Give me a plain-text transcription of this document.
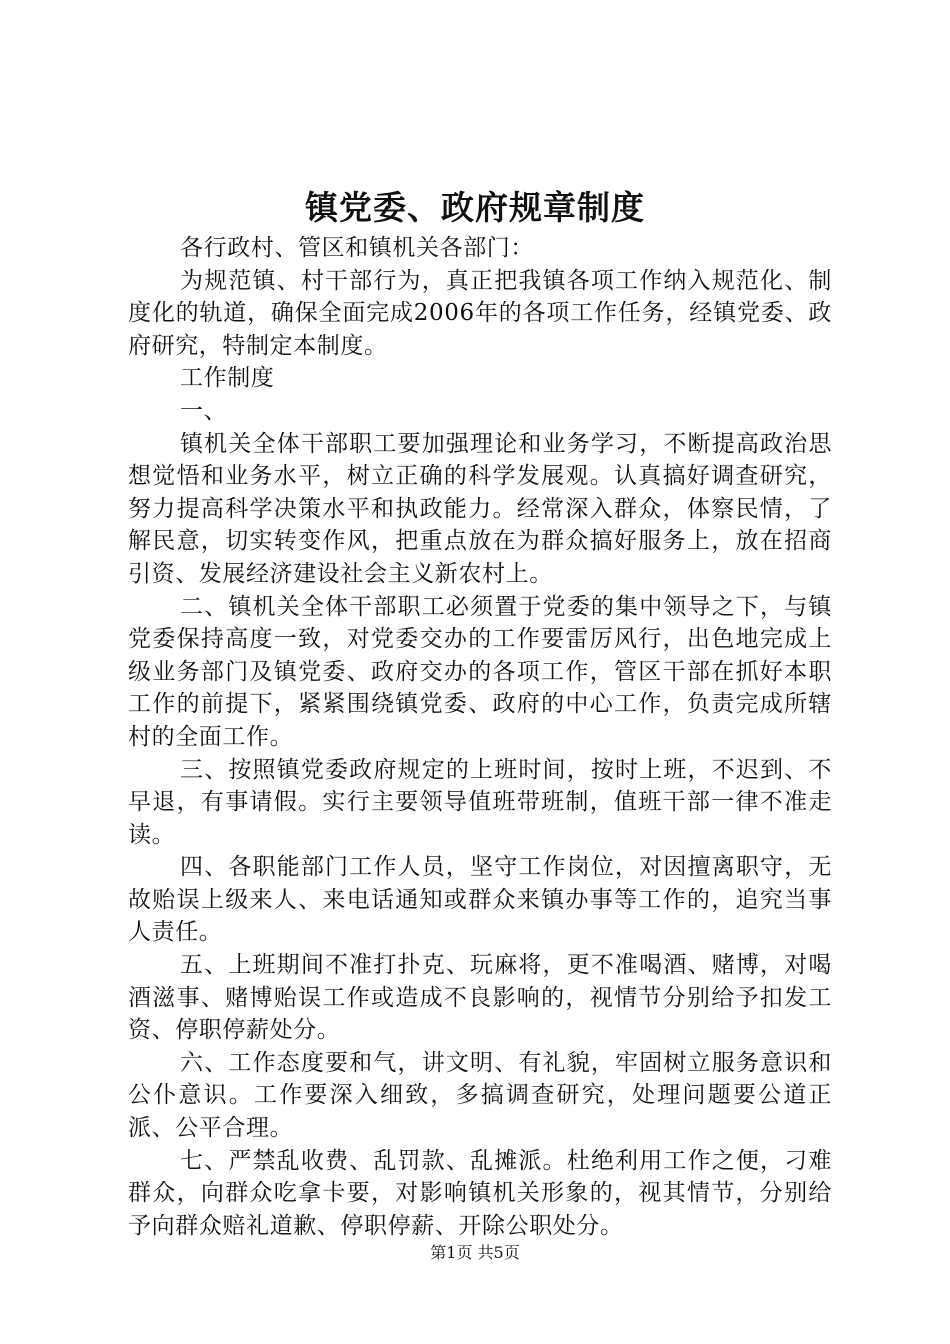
镇党委、政府规章制度

各行政村、管区和镇机关各部门：

为规范镇、村干部行为，真正把我镇各项工作纳入规范化、制度化的轨道，确保全面完成2006年的各项工作任务，经镇党委、政府研究，特制定本制度。

工作制度

一、

镇机关全体干部职工要加强理论和业务学习，不断提高政治思想觉悟和业务水平，树立正确的科学发展观。认真搞好调查研究，努力提高科学决策水平和执政能力。经常深入群众，体察民情，了解民意，切实转变作风，把重点放在为群众搞好服务上，放在招商引资、发展经济建设社会主义新农村上。

二、镇机关全体干部职工必须置于党委的集中领导之下，与镇党委保持高度一致，对党委交办的工作要雷厉风行，出色地完成上级业务部门及镇党委、政府交办的各项工作，管区干部在抓好本职工作的前提下，紧紧围绕镇党委、政府的中心工作，负责完成所辖村的全面工作。

三、按照镇党委政府规定的上班时间，按时上班，不迟到、不早退，有事请假。实行主要领导值班带班制，值班干部一律不准走读。

四、各职能部门工作人员，坚守工作岗位，对因擅离职守，无故贻误上级来人、来电话通知或群众来镇办事等工作的，追究当事人责任。

五、上班期间不准打扑克、玩麻将，更不准喝酒、赌博，对喝酒滋事、赌博贻误工作或造成不良影响的，视情节分别给予扣发工资、停职停薪处分。

六、工作态度要和气，讲文明、有礼貌，牢固树立服务意识和公仆意识。工作要深入细致，多搞调查研究，处理问题要公道正派、公平合理。

七、严禁乱收费、乱罚款、乱摊派。杜绝利用工作之便，刁难群众，向群众吃拿卡要，对影响镇机关形象的，视其情节，分别给予向群众赔礼道歉、停职停薪、开除公职处分。

第1页 共5页
